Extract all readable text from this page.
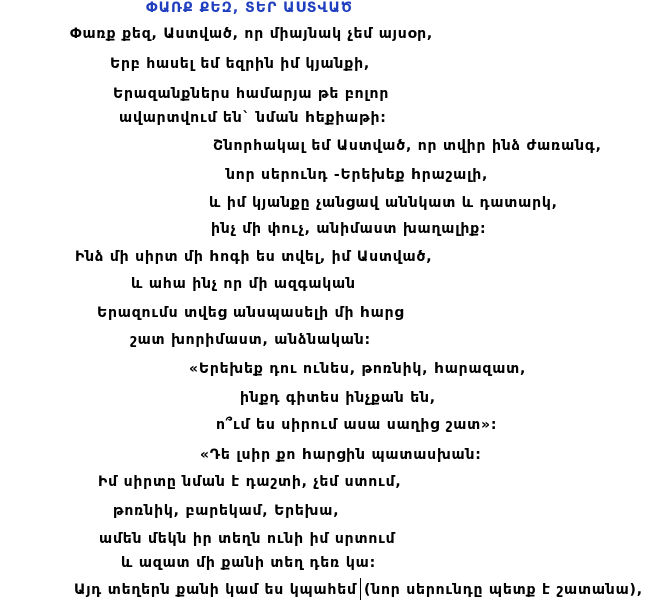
ՓԱՌՔ ՔԵԶ, ՏԵՐ ԱՍՏՎԱԾ
Փառք քեզ, Աստված, որ միայնակ չեմ այսօր,
Երբ հասել եմ եզրին իմ կյանքի,
Երազանքներս համարյա թե բոլոր
ավարտվում են` նման hեքիաթի:
Շնորհակալ եմ Աստված, որ տվիր ինձ ժառանգ,
նոր սերունդ -Երեխեք hրաշալի,
և իմ կյանքը չանցավ աննկատ և դատարկ,
ինչ մի փուչ, անիմաստ խաղալիք:
Ինձ մի սիրտ մի hոգի ես տվել, իմ Աստված,
և ահա ինչ որ մի ազգական
Երազումս տվեց անսպասելի մի hարց
շատ խորիմաստ, անձնական:
«Երեխեք դու ունես, թոռնիկ, hարազատ,
ինքդ գիտես ինչքան են,
ո՞ւմ ես սիրում ասա սաղից շատ»:
«Դե լսիր քո hարցին պատասխան:
Իմ սիրտը նման է դաշտի, չեմ ստում,
թոռնիկ, բարեկամ, Երեխա,
ամեն մեկն իր տեղն ունի իմ սրտում
և ազատ մի քանի տեղ դեռ կա:
Այդ տեղերն քանի կամ ես կպահեմ (նոր սերունդը պետք է շատանա),
